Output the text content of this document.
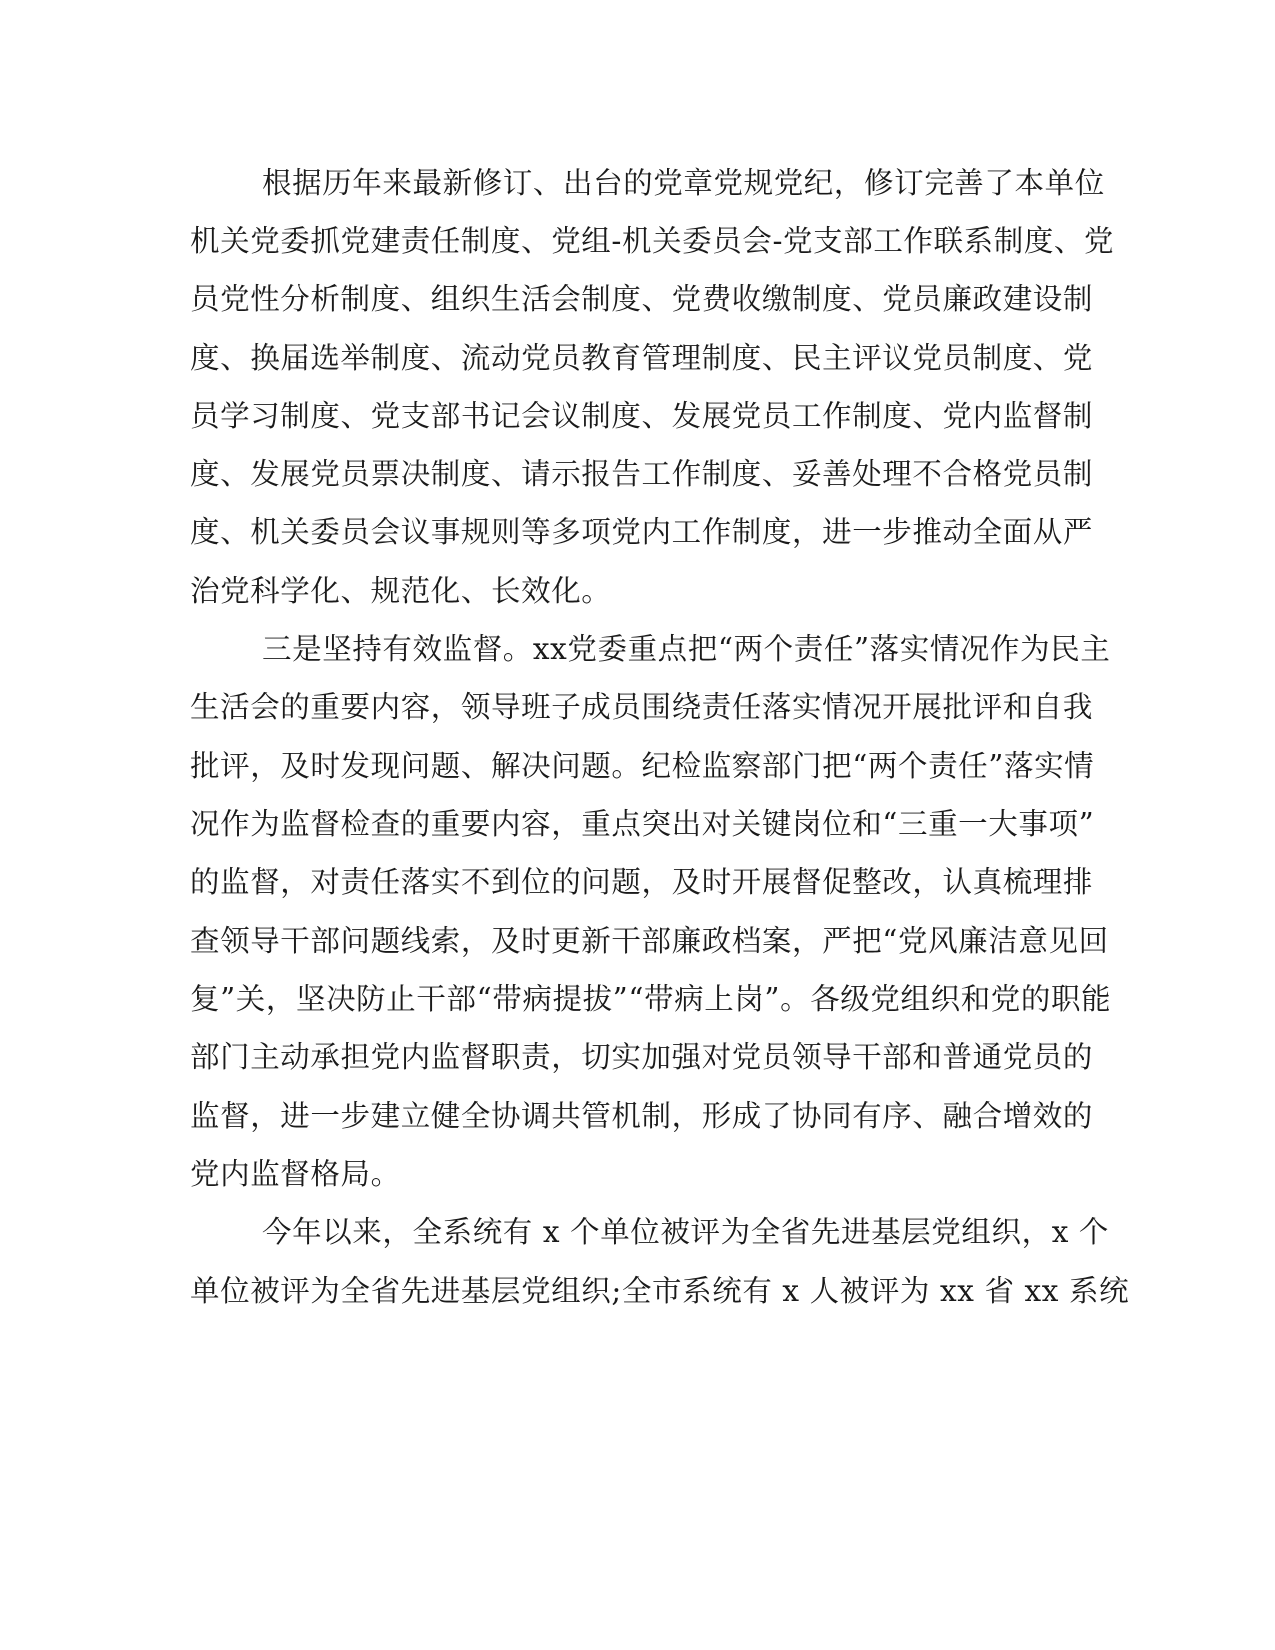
根据历年来最新修订、出台的党章党规党纪，修订完善了本单位
机关党委抓党建责任制度、党组-机关委员会-党支部工作联系制度、党
员党性分析制度、组织生活会制度、党费收缴制度、党员廉政建设制
度、换届选举制度、流动党员教育管理制度、民主评议党员制度、党
员学习制度、党支部书记会议制度、发展党员工作制度、党内监督制
度、发展党员票决制度、请示报告工作制度、妥善处理不合格党员制
度、机关委员会议事规则等多项党内工作制度，进一步推动全面从严
治党科学化、规范化、长效化。
三是坚持有效监督。xx党委重点把“两个责任”落实情况作为民主
生活会的重要内容，领导班子成员围绕责任落实情况开展批评和自我
批评，及时发现问题、解决问题。纪检监察部门把“两个责任”落实情
况作为监督检查的重要内容，重点突出对关键岗位和“三重一大事项”
的监督，对责任落实不到位的问题，及时开展督促整改，认真梳理排
查领导干部问题线索，及时更新干部廉政档案，严把“党风廉洁意见回
复”关，坚决防止干部“带病提拔”“带病上岗”。各级党组织和党的职能
部门主动承担党内监督职责，切实加强对党员领导干部和普通党员的
监督，进一步建立健全协调共管机制，形成了协同有序、融合增效的
党内监督格局。
今年以来，全系统有 x 个单位被评为全省先进基层党组织，x 个
单位被评为全省先进基层党组织;全市系统有 x 人被评为 xx 省 xx 系统
